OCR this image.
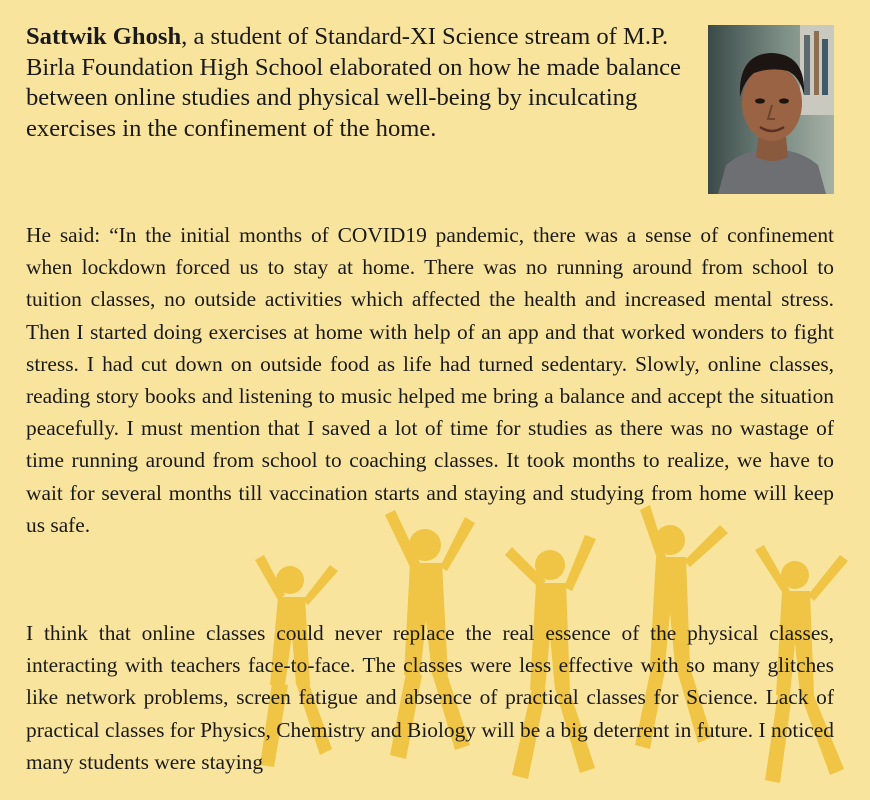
Sattwik Ghosh, a student of Standard-XI Science stream of M.P. Birla Foundation High School elaborated on how he made balance between online studies and physical well-being by inculcating exercises in the confinement of the home.

He said: “In the initial months of COVID19 pandemic, there was a sense of confinement when lockdown forced us to stay at home. There was no running around from school to tuition classes, no outside activities which affected the health and increased mental stress. Then I started doing exercises at home with help of an app and that worked wonders to fight stress. I had cut down on outside food as life had turned sedentary. Slowly, online classes, reading story books and listening to music helped me bring a balance and accept the situation peacefully. I must mention that I saved a lot of time for studies as there was no wastage of time running around from school to coaching classes. It took months to realize, we have to wait for several months till vaccination starts and staying and studying from home will keep us safe.

I think that online classes could never replace the real essence of the physical classes, interacting with teachers face-to-face. The classes were less effective with so many glitches like network problems, screen fatigue and absence of practical classes for Science. Lack of practical classes for Physics, Chemistry and Biology will be a big deterrent in future. I noticed many students were staying
